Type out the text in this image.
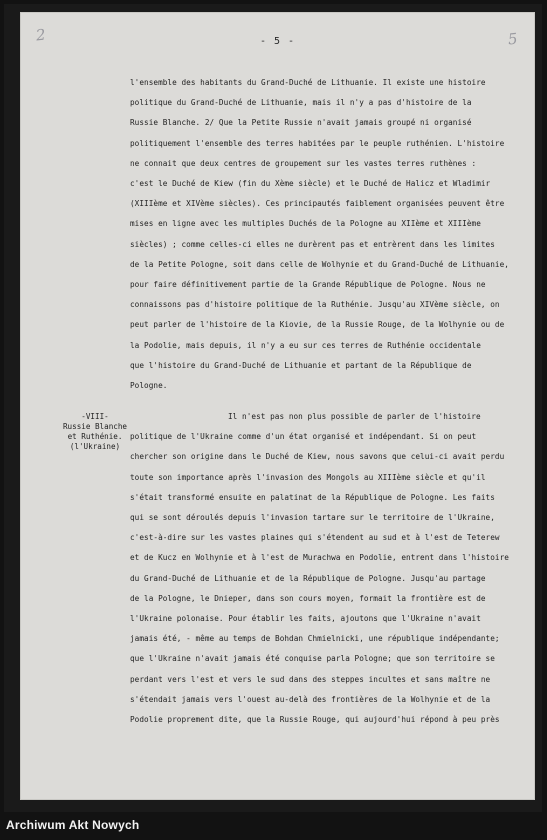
2	5
- 5 -
l'ensemble des habitants du Grand-Duché de Lithuanie. Il existe une histoire
politique du Grand-Duché de Lithuanie, mais il n'y a pas d'histoire de la
Russie Blanche. 2/ Que la Petite Russie n'avait jamais groupé ni organisé
politiquement l'ensemble des terres habitées par le peuple ruthénien. L'histoire
ne connait que deux centres de groupement sur les vastes terres ruthènes :
c'est le Duché de Kiew (fin du Xème siècle) et le Duché de Halicz et Wladimir
(XIIIème et XIVème siècles). Ces principautés faiblement organisées peuvent être
mises en ligne avec les multiples Duchés de la Pologne au XIIème et XIIIème
siècles) ; comme celles-ci elles ne durèrent pas et entrèrent dans les limites
de la Petite Pologne, soit dans celle de Wolhynie et du Grand-Duché de Lithuanie,
pour faire définitivement partie de la Grande République de Pologne. Nous ne
connaissons pas d'histoire politique de la Ruthénie. Jusqu'au XIVème siècle, on
peut parler de l'histoire de la Kiovie, de la Russie Rouge, de la Wolhynie ou de
la Podolie, mais depuis, il n'y a eu sur ces terres de Ruthénie occidentale
que l'histoire du Grand-Duché de Lithuanie et partant de la République de
Pologne.
-VIII-
Russie Blanche
et Ruthénie.
(l'Ukraine)
Il n'est pas non plus possible de parler de l'histoire
politique de l'Ukraine comme d'un état organisé et indépendant. Si on peut
chercher son origine dans le Duché de Kiew, nous savons que celui-ci avait perdu
toute son importance après l'invasion des Mongols au XIIIème siècle et qu'il
s'était transformé ensuite en palatinat de la République de Pologne. Les faits
qui se sont déroulés depuis l'invasion tartare sur le territoire de l'Ukraine,
c'est-à-dire sur les vastes plaines qui s'étendent au sud et à l'est de Teterew
et de Kucz en Wolhynie et à l'est de Murachwa en Podolie, entrent dans l'histoire
du Grand-Duché de Lithuanie et de la République de Pologne. Jusqu'au partage
de la Pologne, le Dnieper, dans son cours moyen, formait la frontière est de
l'Ukraine polonaise. Pour établir les faits, ajoutons que l'Ukraine n'avait
jamais été, - même au temps de Bohdan Chmielnicki, une république indépendante;
que l'Ukraine n'avait jamais été conquise parla Pologne; que son territoire se
perdant vers l'est et vers le sud dans des steppes incultes et sans maître ne
s'étendait jamais vers l'ouest au-delà des frontières de la Wolhynie et de la
Podolie proprement dite, que la Russie Rouge, qui aujourd'hui répond à peu près
Archiwum Akt Nowych
